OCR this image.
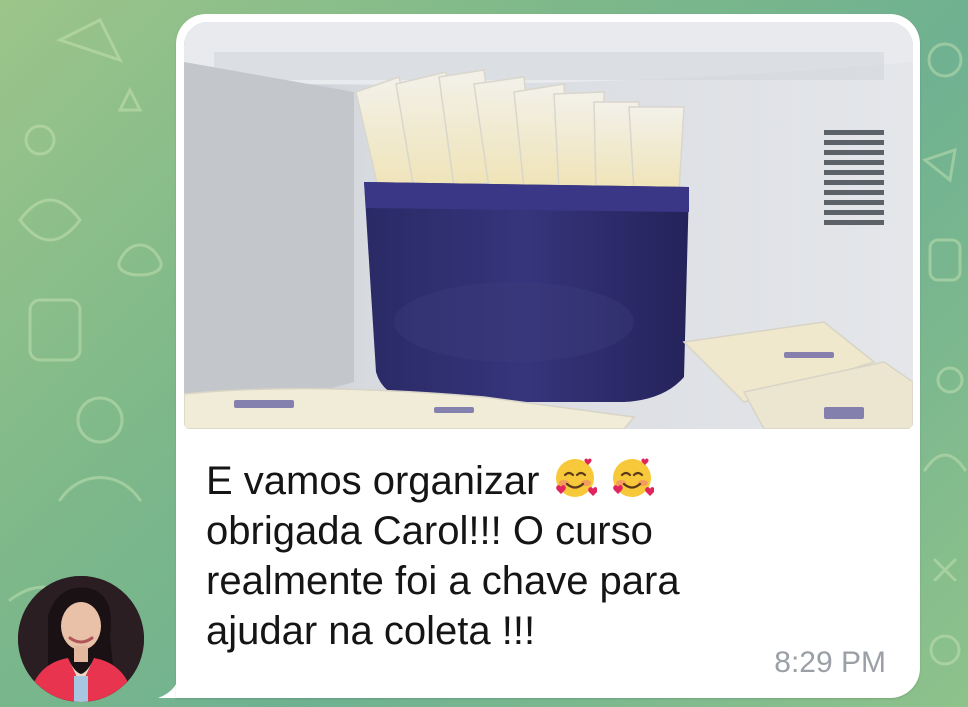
E vamos organizar
obrigada Carol!!! O curso
realmente foi a chave para
ajudar na coleta !!!

8:29 PM
